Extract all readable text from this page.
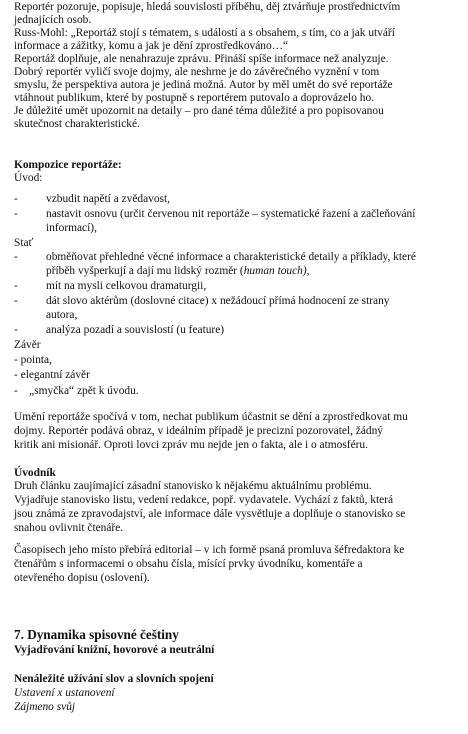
Reportér pozoruje, popisuje, hledá souvislosti příběhu, děj ztvárňuje prostřednictvím
jednajících osob.
Russ-Mohl: „Reportáž stojí s tématem, s událostí a s obsahem, s tím, co a jak utváří
informace a zážitky, komu a jak je dění zprostředkováno…“
Reportáž doplňuje, ale nenahrazuje zprávu. Přináší spíše informace než analyzuje.
Dobrý reportér vyličí svoje dojmy, ale neshrne je do závěrečného vyznění v tom
smyslu, že perspektiva autora je jediná možná. Autor by měl umět do své reportáže
vtáhnout publikum, které by postupně s reportérem putovalo a doprovázelo ho.
Je důležité umět upozornit na detaily – pro dané téma důležité a pro popisovanou
skutečnost charakteristické.
Kompozice reportáže:
Úvod:
- vzbudit napětí a zvědavost,
- nastavit osnovu (určit červenou nit reportáže – systematické řazení a začleňování
informací),
Stať
- obměňovat přehledné věcné informace a charakteristické detaily a příklady, které
příběh vyšperkují a dají mu lidský rozměr (human touch),
- mít na mysli celkovou dramaturgii,
- dát slovo aktérům (doslovné citace) x nežádoucí přímá hodnocení ze strany
autora,
- analýza pozadí a souvislostí (u feature)
Závěr
- pointa,
- elegantní závěr
-    „smyčka“ zpět k úvodu.
Umění reportáže spočívá v tom, nechat publikum účastnit se dění a zprostředkovat mu
dojmy. Reportér podává obraz, v ideálním případě je precizní pozorovatel, žádný
kritik ani misionář. Oproti lovci zpráv mu nejde jen o fakta, ale i o atmosféru.
Úvodník
Druh článku zaujímající zásadní stanovisko k nějakému aktuálnímu problému.
Vyjadřuje stanovisko listu, vedení redakce, popř. vydavatele. Vychází z faktů, která
jsou známá ze zpravodajství, ale informace dále vysvětluje a doplňuje o stanovisko se
snahou ovlivnit čtenáře.
Časopisech jeho místo přebírá editorial – v ich formě psaná promluva šéfredaktora ke
čtenářům s informacemi o obsahu čísla, mísící prvky úvodníku, komentáře a
otevřeného dopisu (oslovení).
7. Dynamika spisovné češtiny
Vyjadřování knižní, hovorové a neutrální
Nenáležité užívání slov a slovních spojení
Ustavení x ustanovení
Zájmeno svůj
